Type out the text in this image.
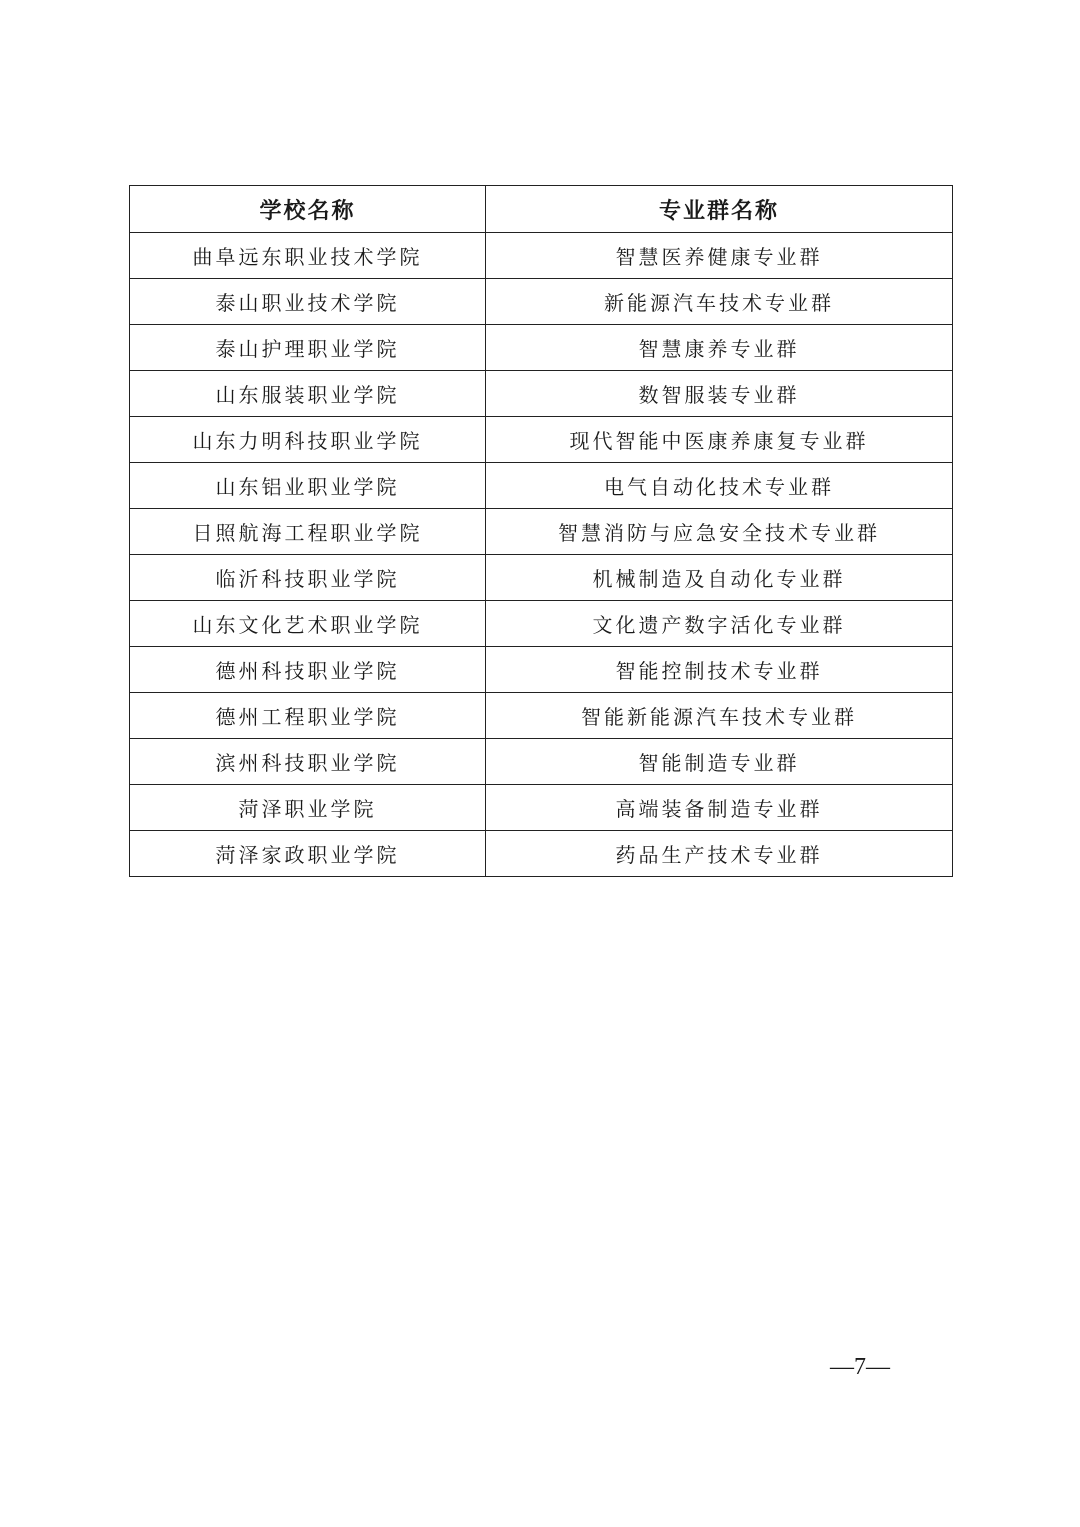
学校名称	专业群名称
曲阜远东职业技术学院	智慧医养健康专业群
泰山职业技术学院	新能源汽车技术专业群
泰山护理职业学院	智慧康养专业群
山东服装职业学院	数智服装专业群
山东力明科技职业学院	现代智能中医康养康复专业群
山东铝业职业学院	电气自动化技术专业群
日照航海工程职业学院	智慧消防与应急安全技术专业群
临沂科技职业学院	机械制造及自动化专业群
山东文化艺术职业学院	文化遗产数字活化专业群
德州科技职业学院	智能控制技术专业群
德州工程职业学院	智能新能源汽车技术专业群
滨州科技职业学院	智能制造专业群
菏泽职业学院	高端装备制造专业群
菏泽家政职业学院	药品生产技术专业群
—7—
